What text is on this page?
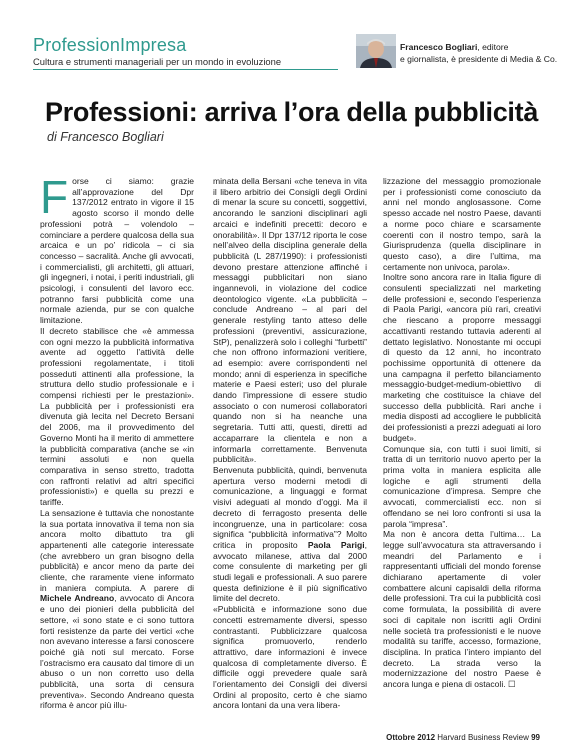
ProfessionImpresa
Cultura e strumenti manageriali per un mondo in evoluzione
Francesco Bogliari, editore
e giornalista, è presidente di Media & Co.
Professioni: arriva l’ora della pubblicità
di Francesco Bogliari

Forse ci siamo: grazie all’approvazione del Dpr 137/2012 entrato in vigore il 15 agosto scorso il mondo delle professioni potrà – volendolo – cominciare a perdere qualcosa della sua arcaica e un po’ ridicola – ci sia concesso – sacralità. Anche gli avvocati, i commercialisti, gli architetti, gli attuari, gli ingegneri, i notai, i periti industriali, gli psicologi, i consulenti del lavoro ecc. potranno farsi pubblicità come una normale azienda, pur se con qualche limitazione.

Il decreto stabilisce che «è ammessa con ogni mezzo la pubblicità informativa avente ad oggetto l’attività delle professioni regolamentate, i titoli posseduti attinenti alla professione, la struttura dello studio professionale e i compensi richiesti per le prestazioni». La pubblicità per i professionisti era divenuta già lecita nel Decreto Bersani del 2006, ma il provvedimento del Governo Monti ha il merito di ammettere la pubblicità comparativa (anche se «in termini assoluti e non quella comparativa in senso stretto, tradotta con raffronti relativi ad altri specifici professionisti») e quella su prezzi e tariffe.

La sensazione è tuttavia che nonostante la sua portata innovativa il tema non sia ancora molto dibattuto tra gli appartenenti alle categorie interessate (che avrebbero un gran bisogno della pubblicità) e ancor meno da parte dei cliente, che raramente viene informato in maniera compiuta. A parere di Michele Andreano, avvocato di Ancora e uno dei pionieri della pubblicità del settore, «i sono state e ci sono tuttora forti resistenze da parte dei vertici «che non avevano interesse a farsi conoscere poiché già noti sul mercato. Forse l’ostracismo era causato dal timore di un abuso o un non corretto uso della pubblicità, una sorta di censura preventiva». Secondo Andreano questa riforma è ancor più illu-

minata della Bersani «che teneva in vita il libero arbitrio dei Consigli degli Ordini di menar la scure su concetti, soggettivi, ancorando le sanzioni disciplinari agli arcaici e indefiniti precetti: decoro e onorabilità». Il Dpr 137/12 riporta le cose nell’alveo della disciplina generale della pubblicità (L 287/1990): i professionisti devono prestare attenzione affinché i messaggi pubblicitari non siano ingannevoli, in violazione del codice deontologico vigente. «La pubblicità – conclude Andreano – al pari del generale restyling tanto atteso delle professioni (preventivi, assicurazione, StP), penalizzerà solo i colleghi “furbetti” che non offrono informazioni veritiere, ad esempio: avere corrispondenti nel mondo; anni di esperienza in specifiche materie e Paesi esteri; uso del plurale dando l’impressione di essere studio associato o con numerosi collaboratori quando non si ha neanche una segretaria. Tutti atti, questi, diretti ad accaparrare la clientela e non a informarla correttamente. Benvenuta pubblicità».

Benvenuta pubblicità, quindi, benvenuta apertura verso moderni metodi di comunicazione, a linguaggi e format visivi adeguati al mondo d’oggi. Ma il decreto di ferragosto presenta delle incongruenze, una in particolare: cosa significa “pubblicità informativa”? Molto critica in proposito Paola Parigi, avvocato milanese, attiva dal 2000 come consulente di marketing per gli studi legali e professionali. A suo parere questa definizione è il più significativo limite del decreto.

«Pubblicità e informazione sono due concetti estremamente diversi, spesso contrastanti. Pubblicizzare qualcosa significa promuoverlo, renderlo attrattivo, dare informazioni è invece qualcosa di completamente diverso. È difficile oggi prevedere quale sarà l’orientamento dei Consigli dei diversi Ordini al proposito, certo è che siamo ancora lontani da una vera libera-

lizzazione del messaggio promozionale per i professionisti come conosciuto da anni nel mondo anglosassone. Come spesso accade nel nostro Paese, davanti a norme poco chiare e scarsamente coerenti con il nostro tempo, sarà la Giurisprudenza (quella disciplinare in questo caso), a dire l’ultima, ma certamente non univoca, parola».

Inoltre sono ancora rare in Italia figure di consulenti specializzati nel marketing delle professioni e, secondo l’esperienza di Paola Parigi, «ancora più rari, creativi che riescano a proporre messaggi accattivanti restando tuttavia aderenti al dettato legislativo. Nonostante mi occupi di questo da 12 anni, ho incontrato pochissime opportunità di ottenere da una campagna il perfetto bilanciamento messaggio-budget-medium-obiettivo di marketing che costituisce la chiave del successo della pubblicità. Rari anche i media disposti ad accogliere le pubblicità dei professionisti a prezzi adeguati ai loro budget».

Comunque sia, con tutti i suoi limiti, si tratta di un territorio nuovo aperto per la prima volta in maniera esplicita alle logiche e agli strumenti della comunicazione d’impresa. Sempre che avvocati, commercialisti ecc. non si offendano se nei loro confronti si usa la parola “impresa”.

Ma non è ancora detta l’ultima… La legge sull’avvocatura sta attraversando i meandri del Parlamento e i rappresentanti ufficiali del mondo forense dichiarano apertamente di voler combattere alcuni capisaldi della riforma delle professioni. Tra cui la pubblicità così come formulata, la possibilità di avere soci di capitale non iscritti agli Ordini nelle società tra professionisti e le nuove modalità su tariffe, accesso, formazione, disciplina. In pratica l’intero impianto del decreto. La strada verso la modernizzazione del nostro Paese è ancora lunga e piena di ostacoli. ☐

Ottobre 2012 Harvard Business Review 99
